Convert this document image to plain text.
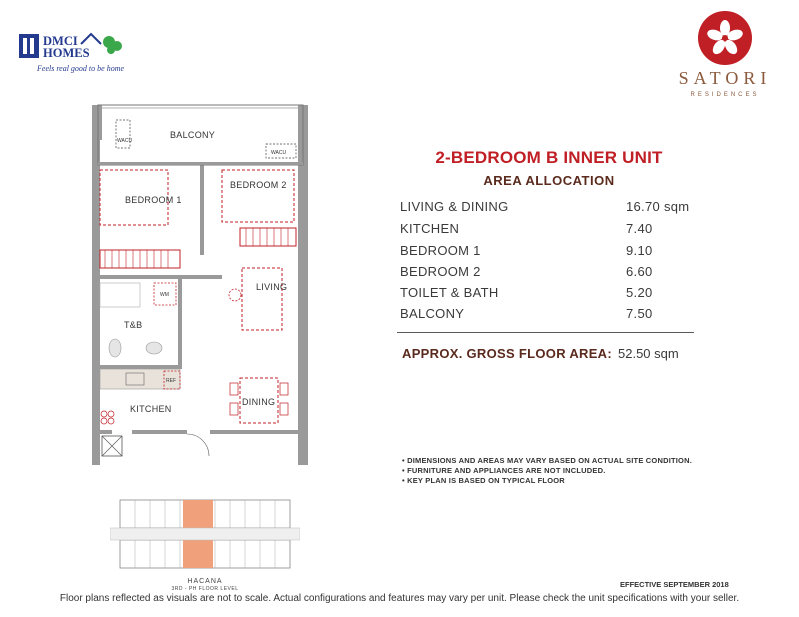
DMCI
HOMES
Feels real good to be home	SATORI
RESIDENCES
WACU
WACU
BALCONY
BEDROOM 1
BEDROOM 2
LIVING
WM
T&B
REF
KITCHEN
DINING
HACANA
3RD - PH FLOOR LEVEL
2-BEDROOM B INNER UNIT
AREA ALLOCATION
LIVING & DINING	16.70 sqm
KITCHEN	7.40
BEDROOM 1	9.10
BEDROOM 2	6.60
TOILET & BATH	5.20
BALCONY	7.50
APPROX. GROSS FLOOR AREA: 52.50 sqm
• DIMENSIONS AND AREAS MAY VARY BASED ON ACTUAL SITE CONDITION.
• FURNITURE AND APPLIANCES ARE NOT INCLUDED.
• KEY PLAN IS BASED ON TYPICAL FLOOR
EFFECTIVE SEPTEMBER 2018
Floor plans reflected as visuals are not to scale. Actual configurations and features may vary per unit. Please check the unit specifications with your seller.
